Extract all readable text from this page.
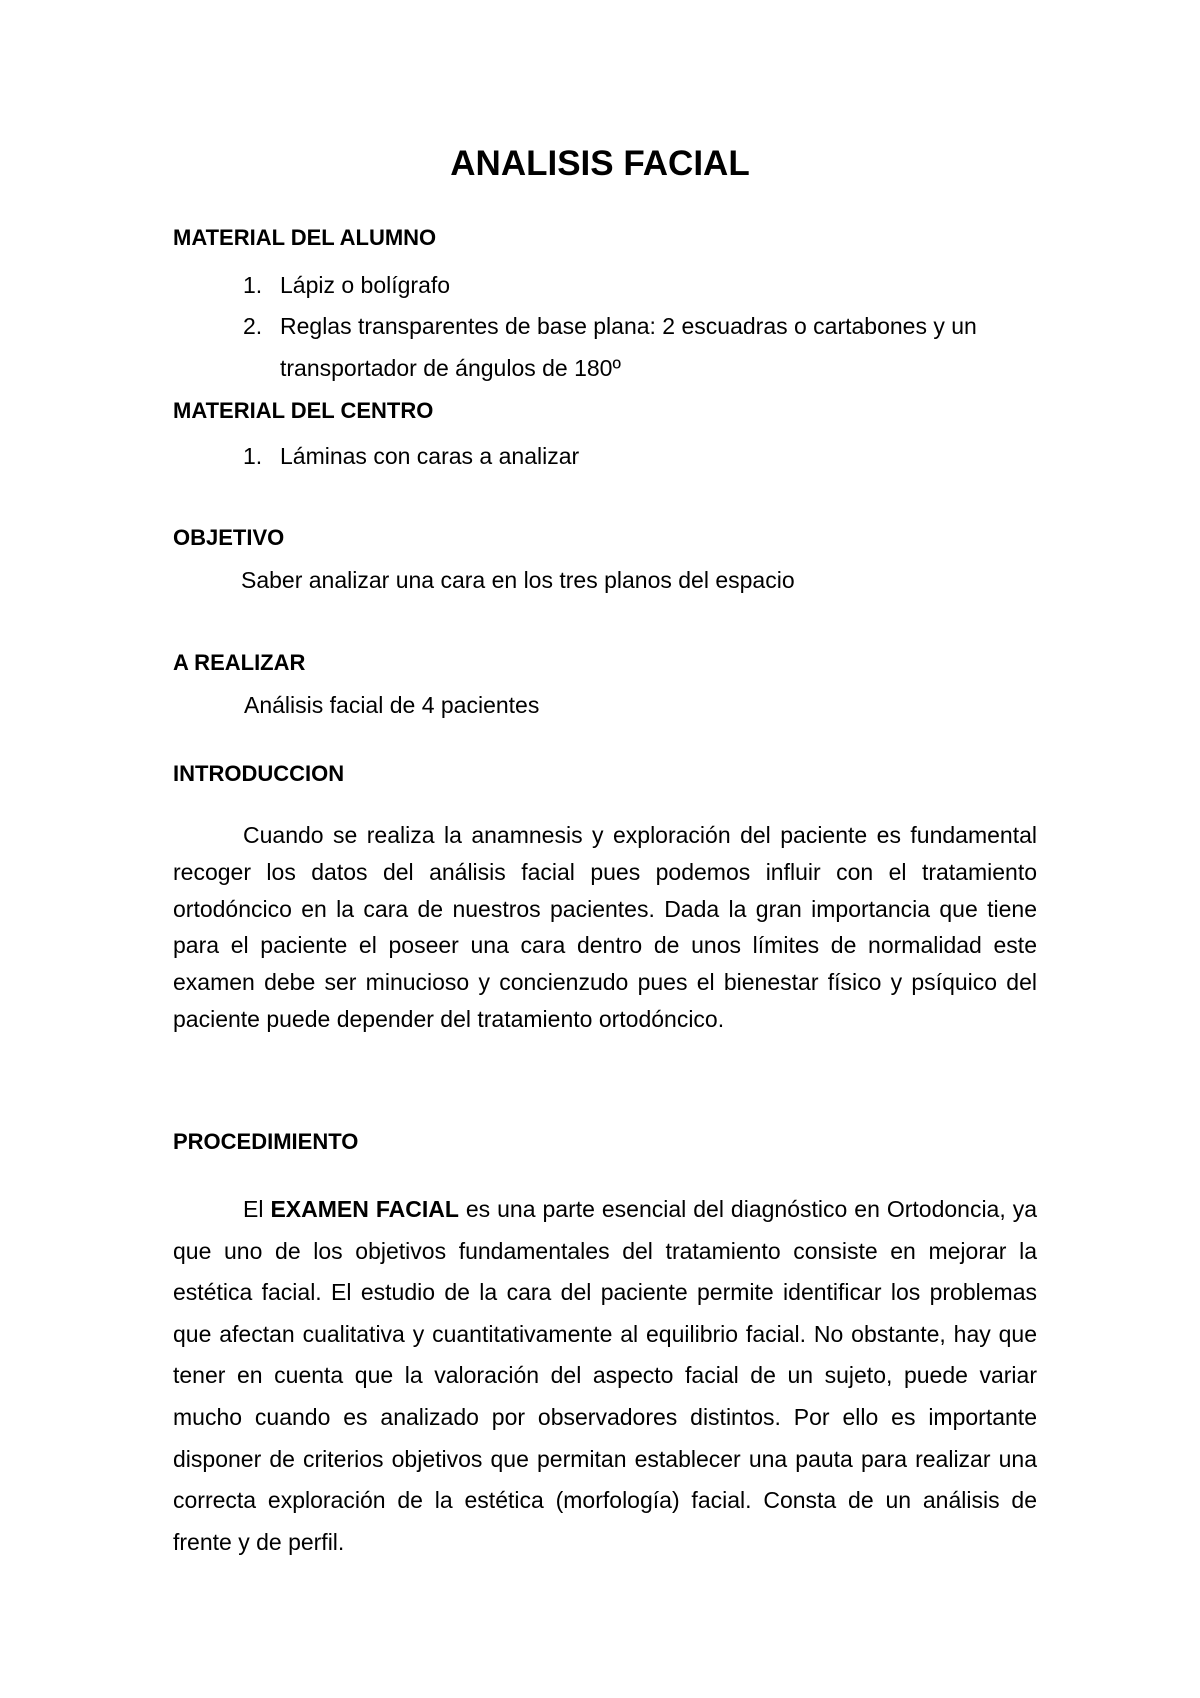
ANALISIS FACIAL
MATERIAL DEL ALUMNO
1. Lápiz o bolígrafo
2. Reglas transparentes de base plana: 2 escuadras o cartabones y un
transportador de ángulos de 180º
MATERIAL DEL CENTRO
1. Láminas con caras a analizar
OBJETIVO
Saber analizar una cara en los tres planos del espacio
A REALIZAR
Análisis facial de 4 pacientes
INTRODUCCION
Cuando se realiza la anamnesis y exploración del paciente es fundamental recoger los datos del análisis facial pues podemos influir con el tratamiento ortodóncico en la cara de nuestros pacientes. Dada la gran importancia que tiene para el paciente el poseer una cara dentro de unos límites de normalidad este examen debe ser minucioso y concienzudo pues el bienestar físico y psíquico del paciente puede depender del tratamiento ortodóncico.
PROCEDIMIENTO
El EXAMEN FACIAL es una parte esencial del diagnóstico en Ortodoncia, ya que uno de los objetivos fundamentales del tratamiento consiste en mejorar la estética facial. El estudio de la cara del paciente permite identificar los problemas que afectan cualitativa y cuantitativamente al equilibrio facial. No obstante, hay que tener en cuenta que la valoración del aspecto facial de un sujeto, puede variar mucho cuando es analizado por observadores distintos. Por ello es importante disponer de criterios objetivos que permitan establecer una pauta para realizar una correcta exploración de la estética (morfología) facial. Consta de un análisis de frente y de perfil.
